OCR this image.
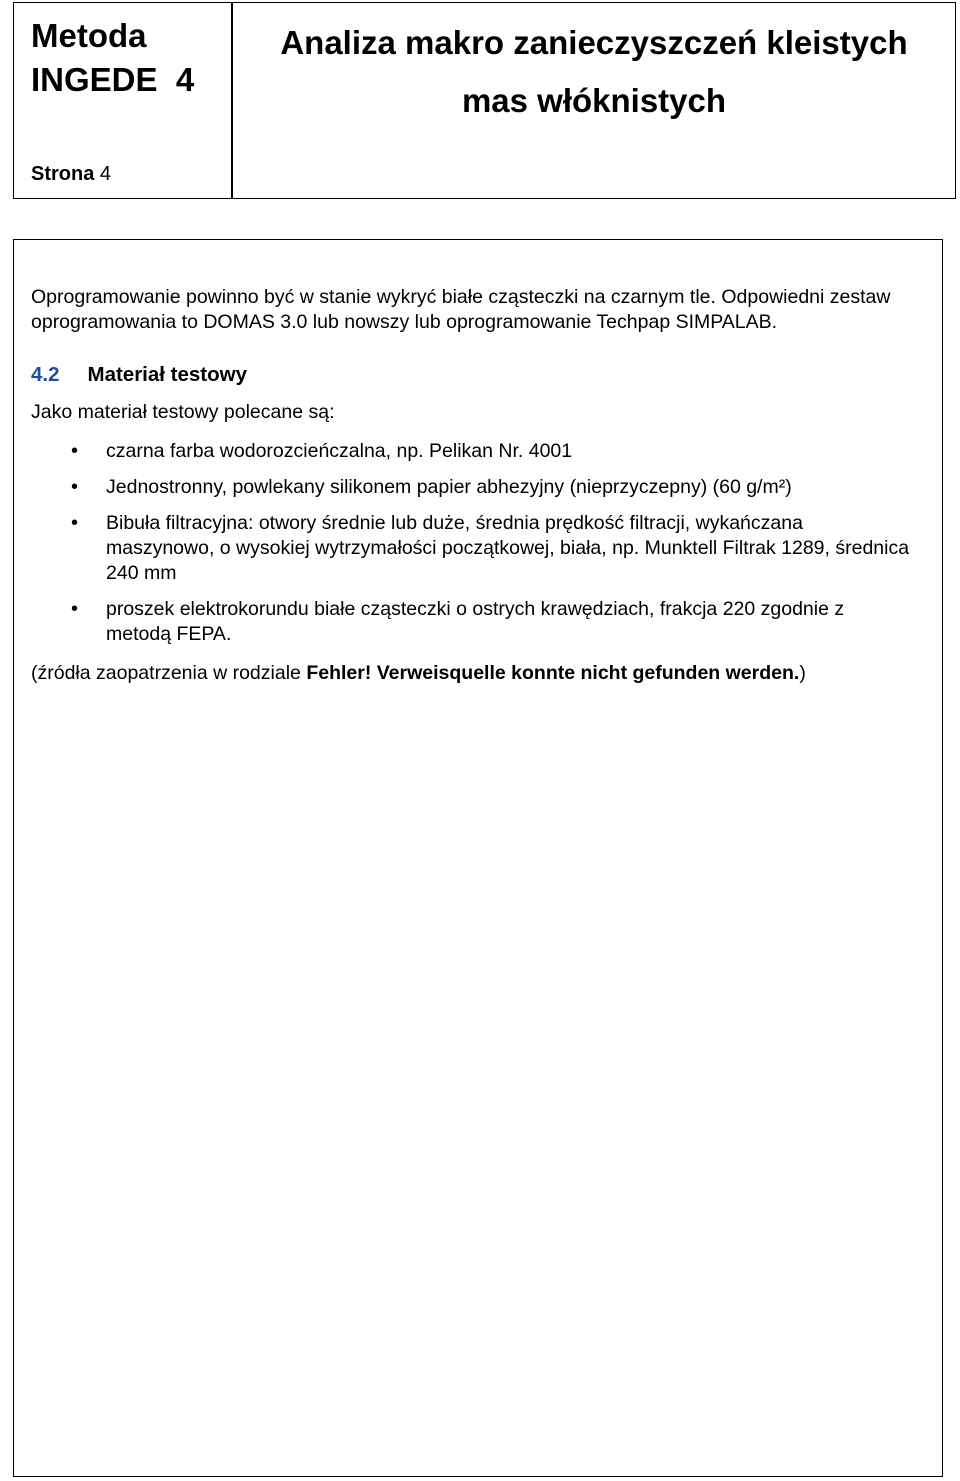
Metoda
INGEDE  4
Analiza makro zanieczyszczeń kleistych
mas włóknistych
Strona 4

Oprogramowanie powinno być w stanie wykryć białe cząsteczki na czarnym tle. Odpowiedni zestaw oprogramowania to DOMAS 3.0 lub nowszy lub oprogramowanie Techpap SIMPALAB.

4.2 Materiał testowy

Jako materiał testowy polecane są:

• czarna farba wodorozcieńczalna, np. Pelikan Nr. 4001
• Jednostronny, powlekany silikonem papier abhezyjny (nieprzyczepny) (60 g/m²)
• Bibuła filtracyjna: otwory średnie lub duże, średnia prędkość filtracji, wykańczana maszynowo, o wysokiej wytrzymałości początkowej, biała, np. Munktell Filtrak 1289, średnica 240 mm
• proszek elektrokorundu białe cząsteczki o ostrych krawędziach, frakcja 220 zgodnie z metodą FEPA.

(źródła zaopatrzenia w rodziale Fehler! Verweisquelle konnte nicht gefunden werden.)
